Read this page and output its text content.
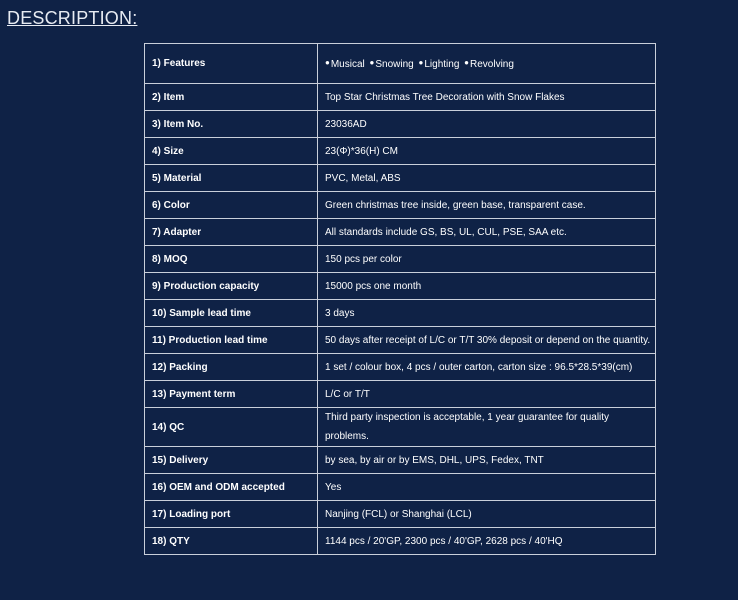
DESCRIPTION:
1) Features	●Musical ●Snowing ●Lighting ●Revolving
2) Item	Top Star Christmas Tree Decoration with Snow Flakes
3) Item No.	23036AD
4) Size	23(Φ)*36(H) CM
5) Material	PVC, Metal, ABS
6) Color	Green christmas tree inside, green base, transparent case.
7) Adapter	All standards include GS, BS, UL, CUL, PSE, SAA etc.
8) MOQ	150 pcs per color
9) Production capacity	15000 pcs one month
10) Sample lead time	3 days
11) Production lead time	50 days after receipt of L/C or T/T 30% deposit or depend on the quantity.
12) Packing	1 set / colour box, 4 pcs / outer carton, carton size : 96.5*28.5*39(cm)
13) Payment term	L/C or T/T
14) QC	Third party inspection is acceptable, 1 year guarantee for quality problems.
15) Delivery	by sea, by air or by EMS, DHL, UPS, Fedex, TNT
16) OEM and ODM accepted	Yes
17) Loading port	Nanjing (FCL) or Shanghai (LCL)
18) QTY	1144 pcs / 20'GP, 2300 pcs / 40'GP, 2628 pcs / 40'HQ
